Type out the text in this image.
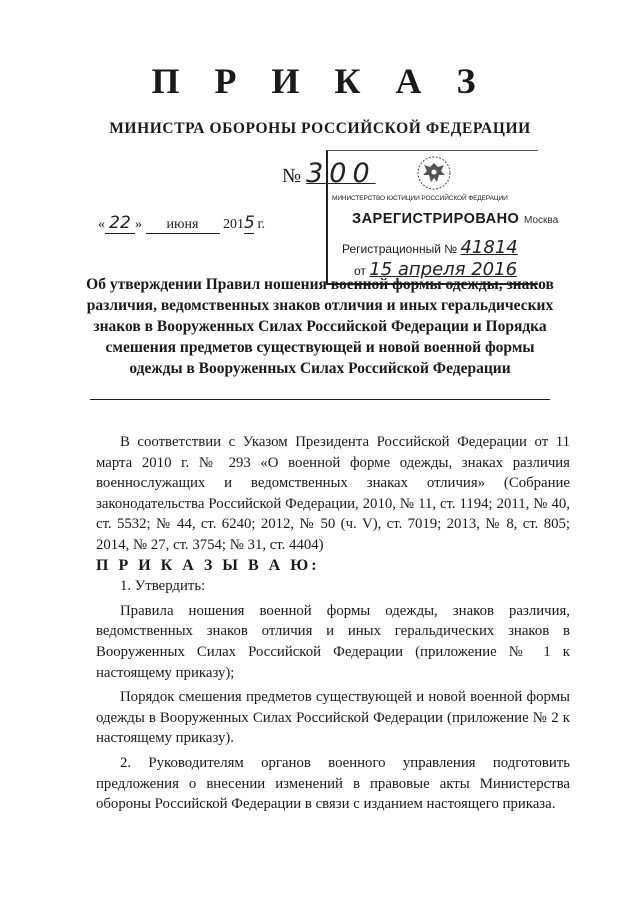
П Р И К А З
МИНИСТРА ОБОРОНЫ РОССИЙСКОЙ ФЕДЕРАЦИИ
№ 300
« 22 » июня 2015 г.
МИНИСТЕРСТВО ЮСТИЦИИ РОССИЙСКОЙ ФЕДЕРАЦИИ
ЗАРЕГИСТРИРОВАНО Москва
Регистрационный № 41814
от 15 апреля 2016
Об утверждении Правил ношения военной формы одежды, знаков различия, ведомственных знаков отличия и иных геральдических знаков в Вооруженных Силах Российской Федерации и Порядка смешения предметов существующей и новой военной формы одежды в Вооруженных Силах Российской Федерации

В соответствии с Указом Президента Российской Федерации от 11 марта 2010 г. № 293 «О военной форме одежды, знаках различия военнослужащих и ведомственных знаках отличия» (Собрание законодательства Российской Федерации, 2010, № 11, ст. 1194; 2011, № 40, ст. 5532; № 44, ст. 6240; 2012, № 50 (ч. V), ст. 7019; 2013, № 8, ст. 805; 2014, № 27, ст. 3754; № 31, ст. 4404)

П Р И К А З Ы В А Ю:

1. Утвердить:

Правила ношения военной формы одежды, знаков различия, ведомственных знаков отличия и иных геральдических знаков в Вооруженных Силах Российской Федерации (приложение № 1 к настоящему приказу);

Порядок смешения предметов существующей и новой военной формы одежды в Вооруженных Силах Российской Федерации (приложение № 2 к настоящему приказу).

2. Руководителям органов военного управления подготовить предложения о внесении изменений в правовые акты Министерства обороны Российской Федерации в связи с изданием настоящего приказа.
